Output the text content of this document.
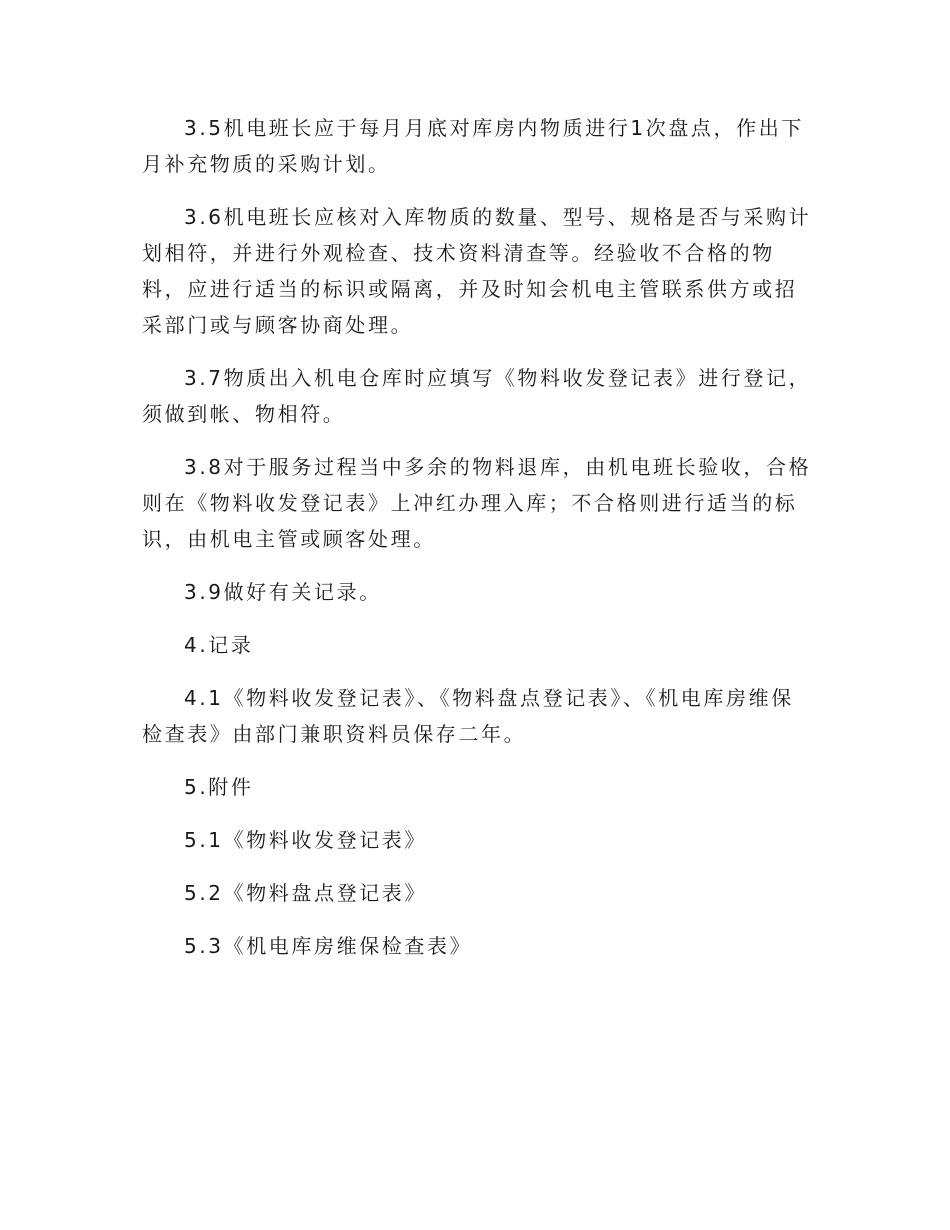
3.5机电班长应于每月月底对库房内物质进行1次盘点，作出下月补充物质的采购计划。

3.6机电班长应核对入库物质的数量、型号、规格是否与采购计划相符，并进行外观检查、技术资料清查等。经验收不合格的物料，应进行适当的标识或隔离，并及时知会机电主管联系供方或招采部门或与顾客协商处理。

3.7物质出入机电仓库时应填写《物料收发登记表》进行登记，须做到帐、物相符。

3.8对于服务过程当中多余的物料退库，由机电班长验收，合格则在《物料收发登记表》上冲红办理入库；不合格则进行适当的标识，由机电主管或顾客处理。

3.9做好有关记录。

4.记录

4.1《物料收发登记表》、《物料盘点登记表》、《机电库房维保检查表》由部门兼职资料员保存二年。

5.附件

5.1《物料收发登记表》

5.2《物料盘点登记表》

5.3《机电库房维保检查表》
